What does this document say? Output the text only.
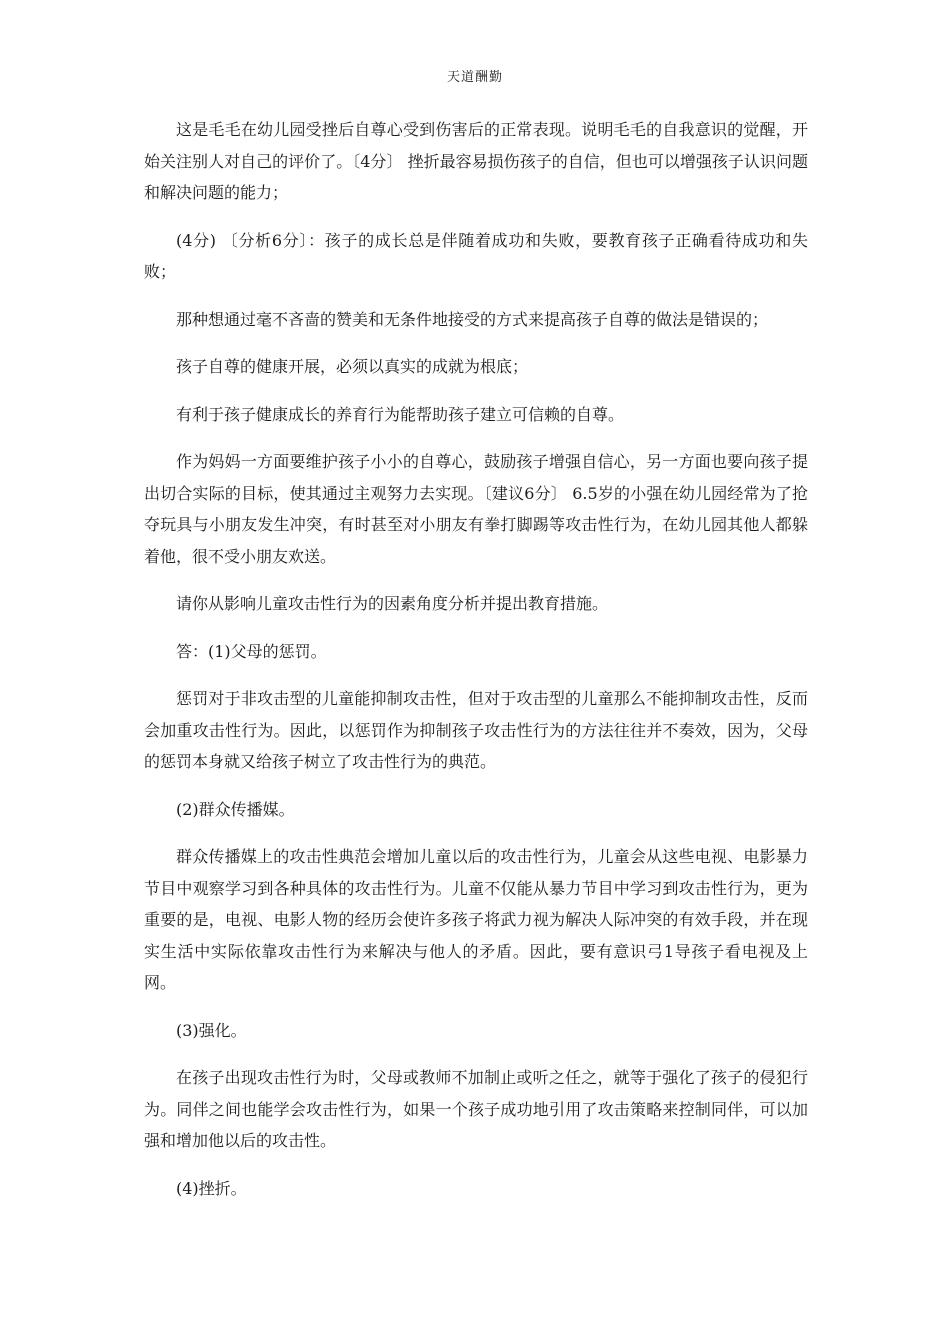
天道酬勤

这是毛毛在幼儿园受挫后自尊心受到伤害后的正常表现。说明毛毛的自我意识的觉醒，开始关注别人对自己的评价了。〔4分〕 挫折最容易损伤孩子的自信，但也可以增强孩子认识问题和解决问题的能力；

(4分) 〔分析6分〕：孩子的成长总是伴随着成功和失败，要教育孩子正确看待成功和失败；

那种想通过毫不吝啬的赞美和无条件地接受的方式来提高孩子自尊的做法是错误的；

孩子自尊的健康开展，必须以真实的成就为根底；

有利于孩子健康成长的养育行为能帮助孩子建立可信赖的自尊。

作为妈妈一方面要维护孩子小小的自尊心，鼓励孩子增强自信心，另一方面也要向孩子提出切合实际的目标，使其通过主观努力去实现。〔建议6分〕 6.5岁的小强在幼儿园经常为了抢夺玩具与小朋友发生冲突，有时甚至对小朋友有拳打脚踢等攻击性行为，在幼儿园其他人都躲着他，很不受小朋友欢送。

请你从影响儿童攻击性行为的因素角度分析并提出教育措施。

答：(1)父母的惩罚。

惩罚对于非攻击型的儿童能抑制攻击性，但对于攻击型的儿童那么不能抑制攻击性，反而会加重攻击性行为。因此，以惩罚作为抑制孩子攻击性行为的方法往往并不奏效，因为，父母的惩罚本身就又给孩子树立了攻击性行为的典范。

(2)群众传播媒。

群众传播媒上的攻击性典范会增加儿童以后的攻击性行为，儿童会从这些电视、电影暴力节目中观察学习到各种具体的攻击性行为。儿童不仅能从暴力节目中学习到攻击性行为，更为重要的是，电视、电影人物的经历会使许多孩子将武力视为解决人际冲突的有效手段，并在现实生活中实际依靠攻击性行为来解决与他人的矛盾。因此，要有意识弓1导孩子看电视及上网。

(3)强化。

在孩子出现攻击性行为时，父母或教师不加制止或听之任之，就等于强化了孩子的侵犯行为。同伴之间也能学会攻击性行为，如果一个孩子成功地引用了攻击策略来控制同伴，可以加强和增加他以后的攻击性。

(4)挫折。
